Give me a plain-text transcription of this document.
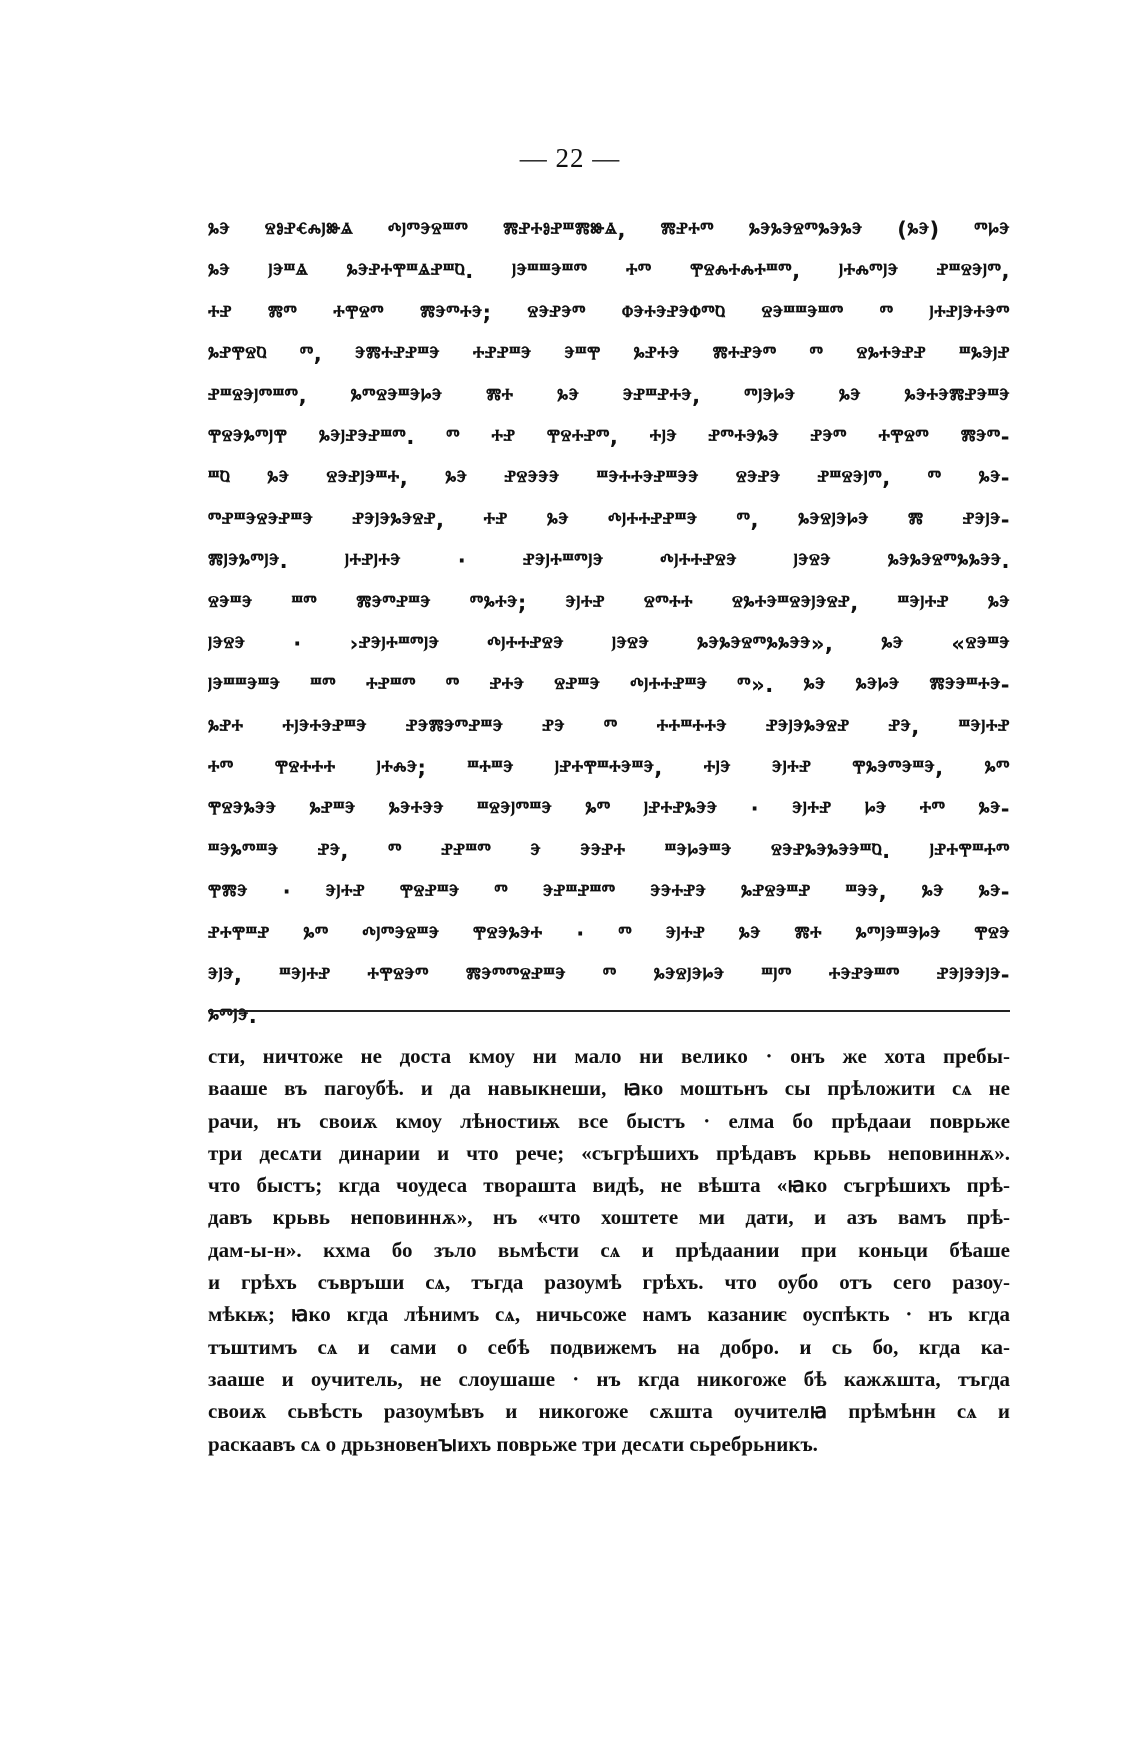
— 22 —
ⰳⰵ ⱄⱁⱀⱔⰾⱜⱆⱑ ⰴⱜⱅⰵⱄⱎⱅ ⰿⱀⰰⱁⱀⱎⰿⱆⱑ, ⰿⱀⰰⱅ ⰳⰵⰳⰵⱄⱅⰳⰵⰳⰵ (ⰳⰵ) ⱅⱈⰵ
ⰳⰵ ⱜⰵⱎⱑ ⰳⰵⱀⰰⰹⱎⱑⱀⱎⱒ. ⱜⰵⱎⱎⰵⱎⱅ ⰰⱅ ⰹⱄⰾⰰⰾⰰⱎⱅ, ⱜⰰⰾⱅⱜⰵ ⱀⱎⱄⰵⱜⱅ,
ⰰⱀ ⰿⱅ ⰰⰹⱄⱅ ⰿⰵⱅⰰⰵ; ⱄⰵⱀⰵⱅ ⱇⰵⰰⰵⱀⰵⱇⱅⱒ ⱄⰵⱎⱎⰵⱎⱅ ⱅ ⱜⰰⱀⱜⰵⰰⰵⱅ
ⰳⱀⰹⱄⱒ ⱅ, ⰵⰿⰰⱀⱀⱎⰵ ⰰⱀⱀⱎⰵ ⰵⱎⰹ ⰳⱀⰰⰵ ⰿⰰⱀⰵⱅ ⱅ ⱄⰳⰰⰵⱀⱀ ⱎⰳⰵⱜⱀ
ⱀⱎⱄⰵⱜⱅⱎⱅ, ⰳⱅⱄⰵⱎⰵⱈⰵ ⰿⰰ ⰳⰵ ⰵⱀⱎⱀⰰⰵ, ⱅⱜⰵⱈⰵ ⰳⰵ ⰳⰵⰰⰵⰿⱀⰵⱎⰵ
ⰹⱄⰵⰳⱅⱜⰹ ⰳⰵⱜⱀⰵⱀⱎⱅ. ⱅ ⰰⱀ ⰹⱄⰰⱀⱅ, ⰰⱜⰵ ⱀⱅⰰⰵⰳⰵ ⱀⰵⱅ ⰰⰹⱄⱅ ⰿⰵⱅ-
ⱎⱒ ⰳⰵ ⱄⰵⱀⱜⰵⱎⰰ, ⰳⰵ ⱀⱄⰵⰵⰵ ⱎⰵⰰⰰⰵⱀⱎⰵⰵ ⱄⰵⱀⰵ ⱀⱎⱄⰵⱜⱅ, ⱅ ⰳⰵ-
ⱅⱀⱎⰵⱄⰵⱀⱎⰵ ⱀⰵⱜⰵⰳⰵⱄⱀ, ⰰⱀ ⰳⰵ ⰴⱜⰰⰰⱀⱀⱎⰵ ⱅ, ⰳⰵⱄⱜⰵⱈⰵ ⰿ ⱀⰵⱜⰵ-
ⰿⱜⰵⰳⱅⱜⰵ. ⱜⰰⱀⱜⰰⰵ · ⱀⰵⱜⰰⱎⱅⱜⰵ ⰴⱜⰰⰰⱀⱄⰵ ⱜⰵⱄⰵ ⰳⰵⰳⰵⱄⱅⰳⰳⰵⰵ.
ⱄⰵⱎⰵ ⱎⱅ ⰿⰵⱅⱀⱎⰵ ⱅⰳⰰⰵ; ⰵⱜⰰⱀ ⱄⱅⰰⰰ ⱄⰳⰰⰵⱎⱄⰵⱜⰵⱄⱀ, ⱎⰵⱜⰰⱀ ⰳⰵ
ⱜⰵⱄⰵ · ›ⱀⰵⱜⰰⱎⱅⱜⰵ ⰴⱜⰰⰰⱀⱄⰵ ⱜⰵⱄⰵ ⰳⰵⰳⰵⱄⱅⰳⰳⰵⰵ», ⰳⰵ «ⱄⰵⱎⰵ
ⱜⰵⱎⱎⰵⱎⰵ ⱎⱅ ⰰⱀⱎⱅ ⱅ ⱀⰰⰵ ⱄⱀⱎⰵ ⰴⱜⰰⰰⱀⱎⰵ ⱅ». ⰳⰵ ⰳⰵⱈⰵ ⰿⰵⰵⱎⰰⰵ-
ⰳⱀⰰ ⰰⱜⰵⰰⰵⱀⱎⰵ ⱀⰵⰿⰵⱅⱀⱎⰵ ⱀⰵ ⱅ ⰰⰰⱎⰰⰰⰵ ⱀⰵⱜⰵⰳⰵⱄⱀ ⱀⰵ, ⱎⰵⱜⰰⱀ
ⰰⱅ ⰹⱄⰰⰰⰰ ⱜⰰⰾⰵ; ⱎⰰⱎⰵ ⱜⱀⰰⰹⱎⰰⰵⱎⰵ, ⰰⱜⰵ ⰵⱜⰰⱀ ⰹⰳⰵⱅⰵⱎⰵ, ⰳⱅ
ⰹⱄⰵⰳⰵⰵ ⰳⱀⱎⰵ ⰳⰵⰰⰵⰵ ⱎⱄⰵⱜⱅⱎⰵ ⰳⱅ ⱜⱀⰰⱀⰳⰵⰵ · ⰵⱜⰰⱀ ⱈⰵ ⰰⱅ ⰳⰵ-
ⱎⰵⰳⱅⱎⰵ ⱀⰵ, ⱅ ⱀⱀⱎⱅ ⰵ ⰵⰵⱀⰰ ⱎⰵⱈⰵⱎⰵ ⱄⰵⱀⰳⰵⰳⰵⰵⱎⱒ. ⱜⱀⰰⰹⱎⰰⱅ
ⰹⰿⰵ · ⰵⱜⰰⱀ ⰹⱄⱀⱎⰵ ⱅ ⰵⱀⱎⱀⱎⱅ ⰵⰵⰰⱀⰵ ⰳⱀⱄⰵⱎⱀ ⱎⰵⰵ, ⰳⰵ ⰳⰵ-
ⱀⰰⰹⱎⱀ ⰳⱅ ⰴⱜⱅⰵⱄⱎⰵ ⰹⱄⰵⰳⰵⰰ · ⱅ ⰵⱜⰰⱀ ⰳⰵ ⰿⰰ ⰳⱅⱜⰵⱎⰵⱈⰵ ⰹⱄⰵ
ⰵⱜⰵ, ⱎⰵⱜⰰⱀ ⰰⰹⱄⰵⱅ ⰿⰵⱅⱅⱄⱀⱎⰵ ⱅ ⰳⰵⱄⱜⰵⱈⰵ ⱎⱜⱅ ⰰⰵⱀⰵⱎⱅ ⱀⰵⱜⰵⰵⱜⰵ-
ⰳⱅⱜⰵ.
сти, ничтоже не доста кмоу ни мало ни велико · онъ же хота пребы-
вааше въ пагоубѣ. и да навыкнеши, ꙗко моштьнъ сы прѣложити сѧ не
рачи, нъ своиѫ кмоу лѣностиѭ всe быстъ · елма бо прѣдаaи поврьже
три десѧти динарии и что рече; «съгрѣшихъ прѣдавъ крьвь неповиннѫ».
что быстъ; кгда чоудеса творашта видѣ, не вѣшта «ꙗко съгрѣшихъ прѣ-
давъ крьвь неповиннѫ», нъ «что хоштете ми дати, и азъ вамъ прѣ-
дам-ы-н». кхма бо зъло вьмѣсти сѧ и прѣдаании при коньци бѣаше
и грѣхъ съвръши сѧ, тъгда разоумѣ грѣхъ. что оубо отъ сего разоу-
мѣкѭ; ꙗко кгда лѣнимъ сѧ, ничьсоже намъ казаниѥ оуспѣкть · нъ кгда
тъштимъ сѧ и сами о себѣ подвижемъ на добро. и сь бо, кгда ка-
зааше и оучитель, не слоушаше · нъ кгда никогоже бѣ кажѫшта, тъгда
своиѫ сьвѣсть разоумѣвъ и никогоже сѫшта оучителꙗ прѣмѣнн сѧ и
раскаавъ сѧ о дрьзновенꙑихъ поврьже три десѧти сьребрьникъ.
